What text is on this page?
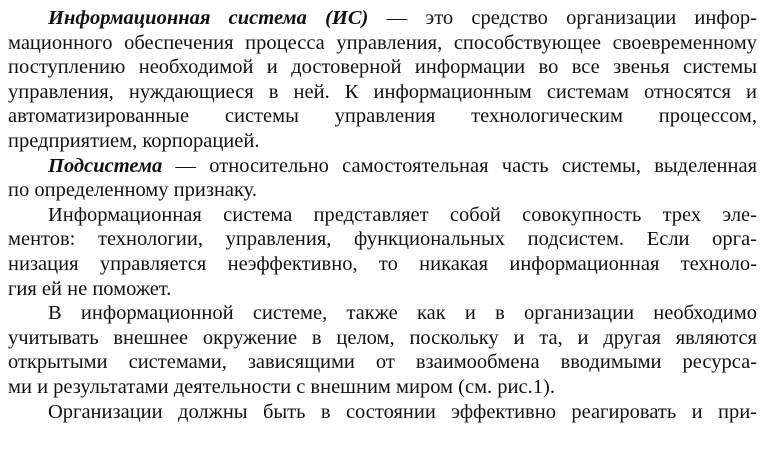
Информационная система (ИС) — это средство организации инфор-
мационного обеспечения процесса управления, способствующее своевременному
поступлению необходимой и достоверной информации во все звенья системы
управления, нуждающиеся в ней. К информационным системам относятся и
автоматизированные системы управления технологическим процессом,
предприятием, корпорацией.
Подсистема — относительно самостоятельная часть системы, выделенная
по определенному признаку.
Информационная система представляет собой совокупность трех эле-
ментов: технологии, управления, функциональных подсистем. Если орга-
низация управляется неэффективно, то никакая информационная техноло-
гия ей не поможет.
В информационной системе, также как и в организации необходимо
учитывать внешнее окружение в целом, поскольку и та, и другая являются
открытыми системами, зависящими от взаимообмена вводимыми ресурса-
ми и результатами деятельности с внешним миром (см. рис.1).
Организации должны быть в состоянии эффективно реагировать и при-
